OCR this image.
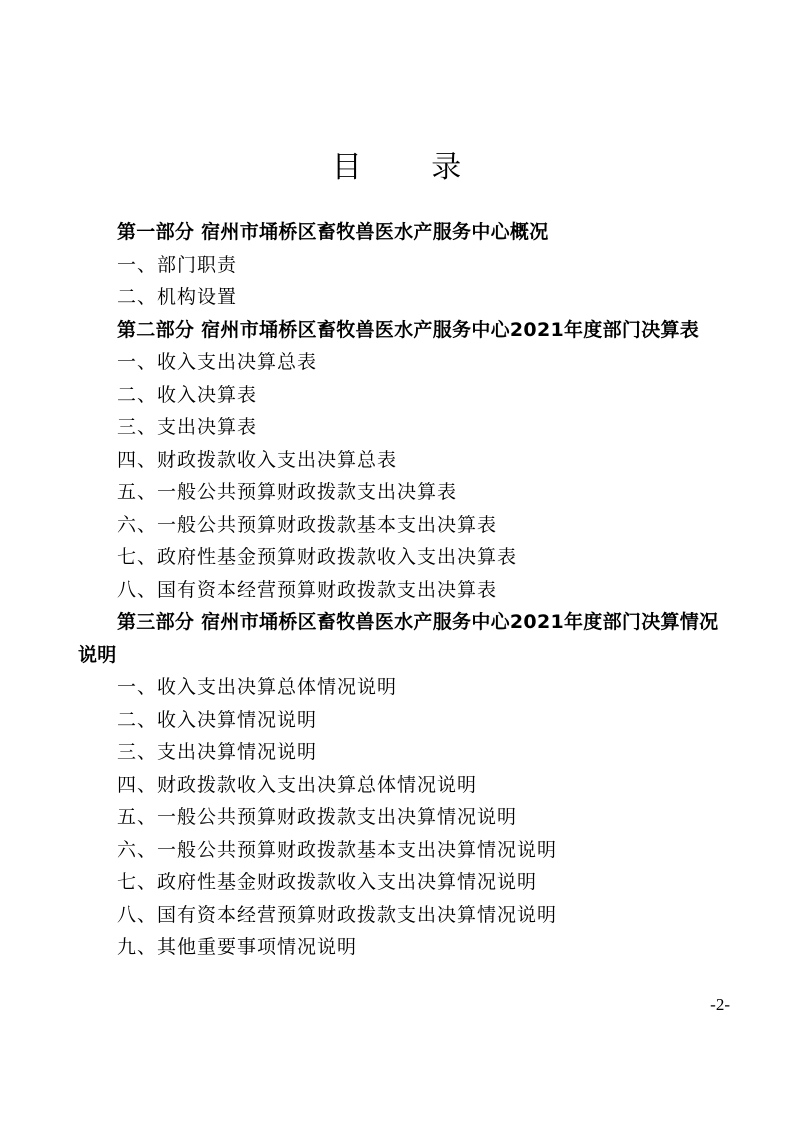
目 录
第一部分 宿州市埇桥区畜牧兽医水产服务中心概况
一、部门职责
二、机构设置
第二部分 宿州市埇桥区畜牧兽医水产服务中心2021年度部门决算表
一、收入支出决算总表
二、收入决算表
三、支出决算表
四、财政拨款收入支出决算总表
五、一般公共预算财政拨款支出决算表
六、一般公共预算财政拨款基本支出决算表
七、政府性基金预算财政拨款收入支出决算表
八、国有资本经营预算财政拨款支出决算表
第三部分 宿州市埇桥区畜牧兽医水产服务中心2021年度部门决算情况说明
一、收入支出决算总体情况说明
二、收入决算情况说明
三、支出决算情况说明
四、财政拨款收入支出决算总体情况说明
五、一般公共预算财政拨款支出决算情况说明
六、一般公共预算财政拨款基本支出决算情况说明
七、政府性基金财政拨款收入支出决算情况说明
八、国有资本经营预算财政拨款支出决算情况说明
九、其他重要事项情况说明
-2-
